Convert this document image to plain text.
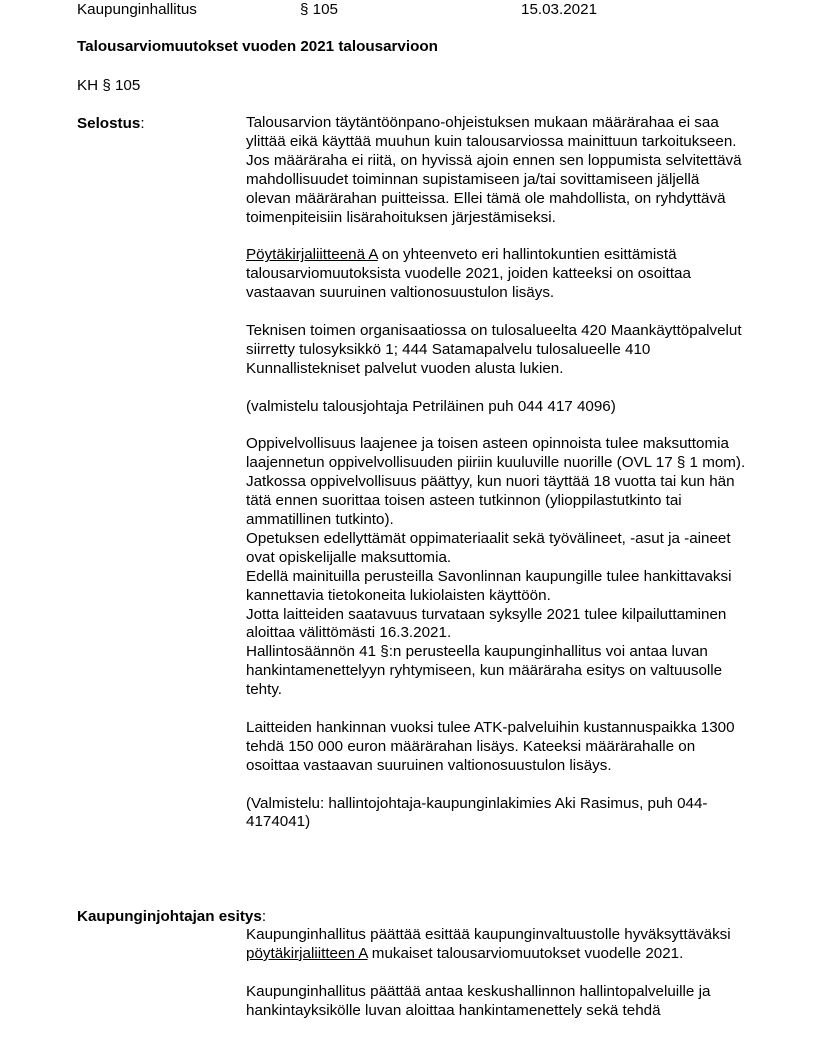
Kaupunginhallitus	§ 105	15.03.2021
Talousarviomuutokset vuoden 2021 talousarvioon
KH § 105
Selostus:	Talousarvion täytäntöönpano-ohjeistuksen mukaan määrärahaa ei saa ylittää eikä käyttää muuhun kuin talousarviossa mainittuun tarkoitukseen. Jos määräraha ei riitä, on hyvissä ajoin ennen sen loppumista selvitettävä mahdollisuudet toiminnan supistamiseen ja/tai sovittamiseen jäljellä olevan määrärahan puitteissa. Ellei tämä ole mahdollista, on ryhdyttävä toimenpiteisiin lisärahoituksen järjestämiseksi.

Pöytäkirjaliitteenä A on yhteenveto eri hallintokuntien esittämistä talousarviomuutoksista vuodelle 2021, joiden katteeksi on osoittaa vastaavan suuruinen valtionosuustulon lisäys.

Teknisen toimen organisaatiossa on tulosalueelta 420 Maankäyttöpalvelut siirretty tulosyksikkö 1; 444 Satamapalvelu tulosalueelle 410 Kunnallistekniset palvelut vuoden alusta lukien.

(valmistelu talousjohtaja Petriläinen puh 044 417 4096)

Oppivelvollisuus laajenee ja toisen asteen opinnoista tulee maksuttomia laajennetun oppivelvollisuuden piiriin kuuluville nuorille (OVL 17 § 1 mom). Jatkossa oppivelvollisuus päättyy, kun nuori täyttää 18 vuotta tai kun hän tätä ennen suorittaa toisen asteen tutkinnon (ylioppilastutkinto tai ammatillinen tutkinto).

Opetuksen edellyttämät oppimateriaalit sekä työvälineet, -asut ja -aineet ovat opiskelijalle maksuttomia.

Edellä mainituilla perusteilla Savonlinnan kaupungille tulee hankittavaksi kannettavia tietokoneita lukiolaisten käyttöön.

Jotta laitteiden saatavuus turvataan syksylle 2021 tulee kilpailuttaminen aloittaa välittömästi 16.3.2021.

Hallintosäännön 41 §:n perusteella kaupunginhallitus voi antaa luvan hankintamenettelyyn ryhtymiseen, kun määräraha esitys on valtuusolle tehty.

Laitteiden hankinnan vuoksi tulee ATK-palveluihin kustannuspaikka 1300 tehdä 150 000 euron määrärahan lisäys. Kateeksi määrärahalle on osoittaa vastaavan suuruinen valtionosuustulon lisäys.

(Valmistelu: hallintojohtaja-kaupunginlakimies Aki Rasimus, puh 044-4174041)

Kaupunginjohtajan esitys:

Kaupunginhallitus päättää esittää kaupunginvaltuustolle hyväksyttäväksi pöytäkirjaliitteen A mukaiset talousarviomuutokset vuodelle 2021.

Kaupunginhallitus päättää antaa keskushallinnon hallintopalveluille ja hankintayksikölle luvan aloittaa hankintamenettely sekä tehdä
